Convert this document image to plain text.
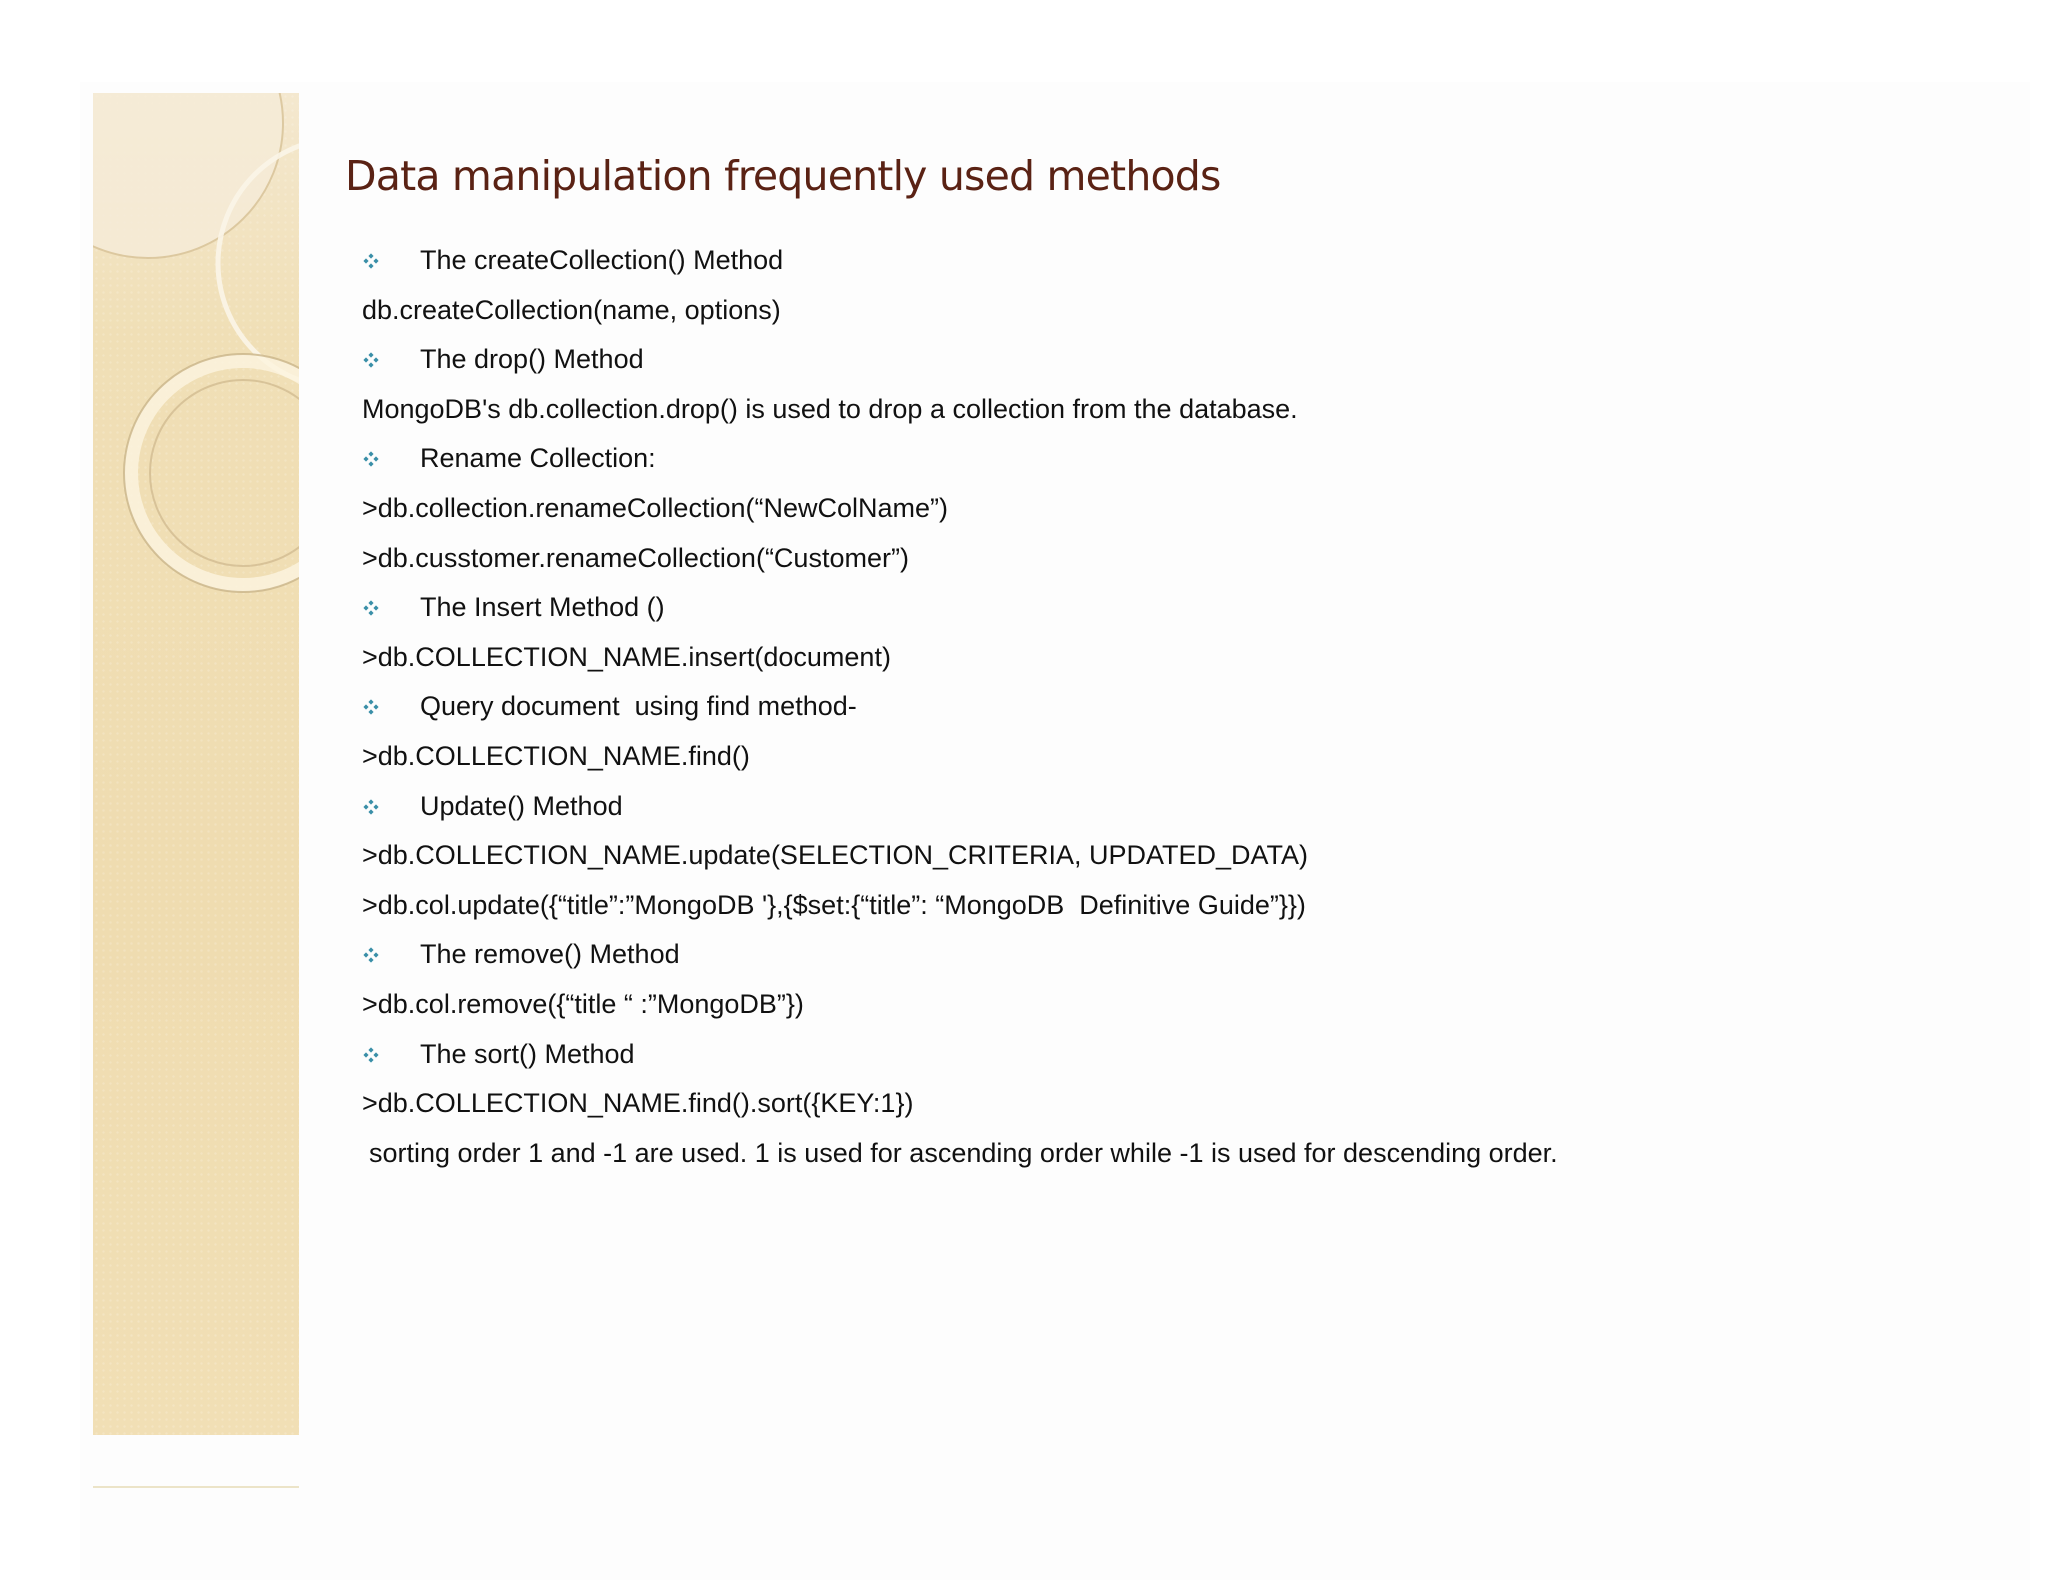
Data manipulation frequently used methods
The createCollection() Method
db.createCollection(name, options)
The drop() Method
MongoDB's db.collection.drop() is used to drop a collection from the database.
Rename Collection:
>db.collection.renameCollection(“NewColName”)
>db.cusstomer.renameCollection(“Customer”)
The Insert Method ()
>db.COLLECTION_NAME.insert(document)
Query document  using find method-
>db.COLLECTION_NAME.find()
Update() Method
>db.COLLECTION_NAME.update(SELECTION_CRITERIA, UPDATED_DATA)
>db.col.update({“title”:”MongoDB '},{$set:{“title”: “MongoDB  Definitive Guide”}})
The remove() Method
>db.col.remove({“title “ :”MongoDB”})
The sort() Method
>db.COLLECTION_NAME.find().sort({KEY:1})
sorting order 1 and -1 are used. 1 is used for ascending order while -1 is used for descending order.
